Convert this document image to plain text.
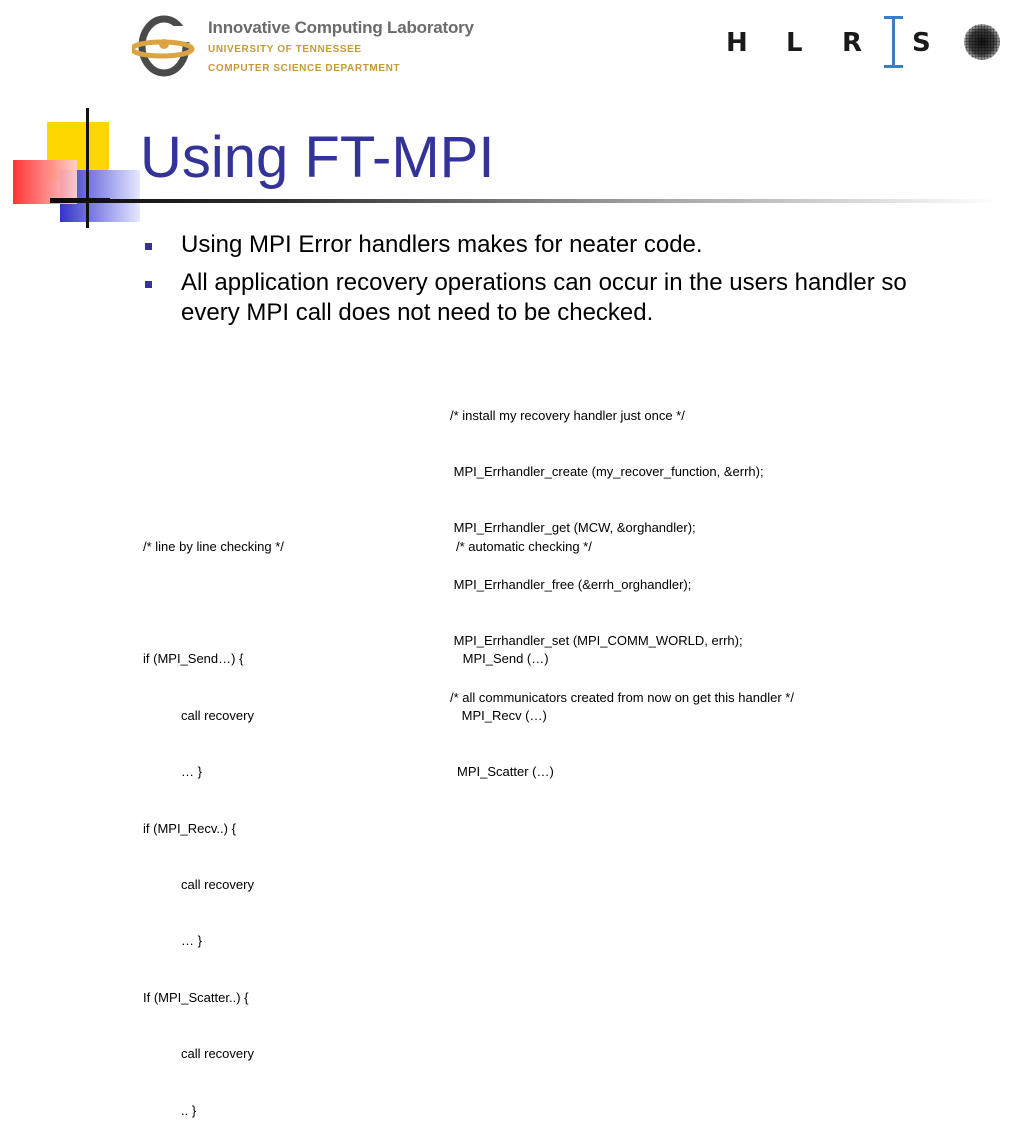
Innovative Computing Laboratory
UNIVERSITY OF TENNESSEE
COMPUTER SCIENCE DEPARTMENT
H L R S
Using FT-MPI
Using MPI Error handlers makes for neater code.
All application recovery operations can occur in the users handler so every MPI call does not need to be checked.

/* install my recovery handler just once */

MPI_Errhandler_create (my_recover_function, &errh);

MPI_Errhandler_get (MCW, &orghandler);

MPI_Errhandler_free (&errh_orghandler);

MPI_Errhandler_set (MPI_COMM_WORLD, errh);

/* all communicators created from now on get this handler */

/* line by line checking */

if (MPI_Send…) {

call recovery

… }

if (MPI_Recv..) {

call recovery

… }

If (MPI_Scatter..) {

call recovery

.. }

/* automatic checking */

MPI_Send (…)

MPI_Recv (…)

MPI_Scatter (…)
